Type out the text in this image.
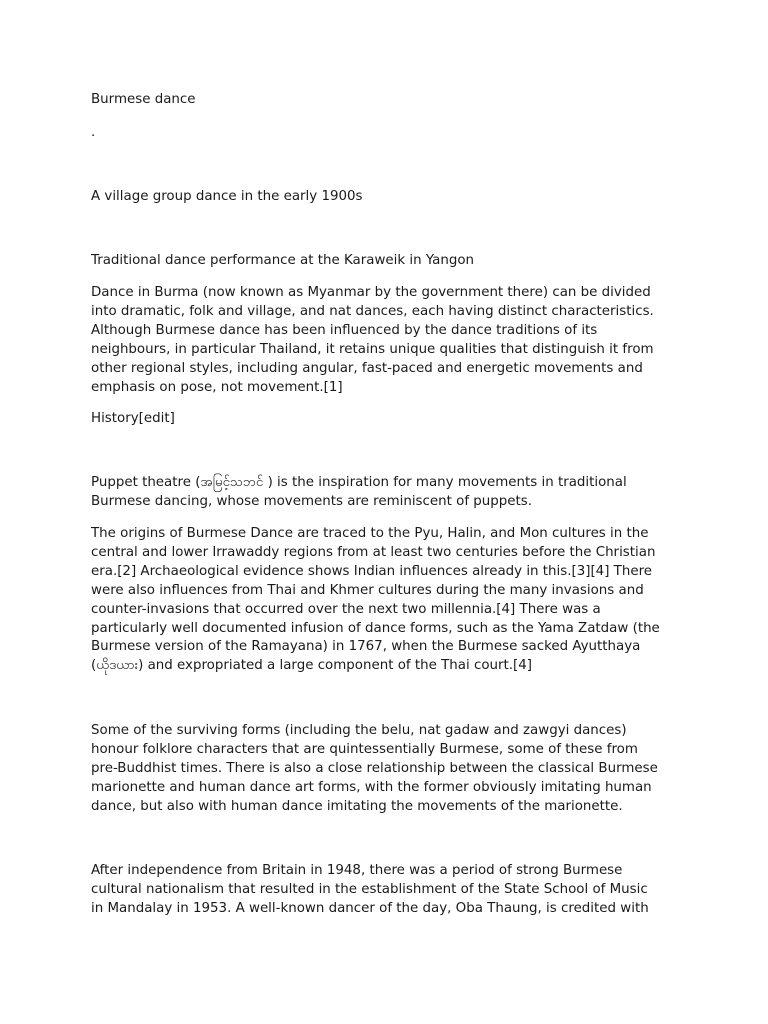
Burmese dance

.

A village group dance in the early 1900s

Traditional dance performance at the Karaweik in Yangon

Dance in Burma (now known as Myanmar by the government there) can be divided
into dramatic, folk and village, and nat dances, each having distinct characteristics.
Although Burmese dance has been influenced by the dance traditions of its
neighbours, in particular Thailand, it retains unique qualities that distinguish it from
other regional styles, including angular, fast-paced and energetic movements and
emphasis on pose, not movement.[1]

History[edit]

Puppet theatre (အမြင့်သဘင် ) is the inspiration for many movements in traditional
Burmese dancing, whose movements are reminiscent of puppets.

The origins of Burmese Dance are traced to the Pyu, Halin, and Mon cultures in the
central and lower Irrawaddy regions from at least two centuries before the Christian
era.[2] Archaeological evidence shows Indian influences already in this.[3][4] There
were also influences from Thai and Khmer cultures during the many invasions and
counter-invasions that occurred over the next two millennia.[4] There was a
particularly well documented infusion of dance forms, such as the Yama Zatdaw (the
Burmese version of the Ramayana) in 1767, when the Burmese sacked Ayutthaya
(ယိုဒယား) and expropriated a large component of the Thai court.[4]

Some of the surviving forms (including the belu, nat gadaw and zawgyi dances)
honour folklore characters that are quintessentially Burmese, some of these from
pre-Buddhist times. There is also a close relationship between the classical Burmese
marionette and human dance art forms, with the former obviously imitating human
dance, but also with human dance imitating the movements of the marionette.

After independence from Britain in 1948, there was a period of strong Burmese
cultural nationalism that resulted in the establishment of the State School of Music
in Mandalay in 1953. A well-known dancer of the day, Oba Thaung, is credited with
